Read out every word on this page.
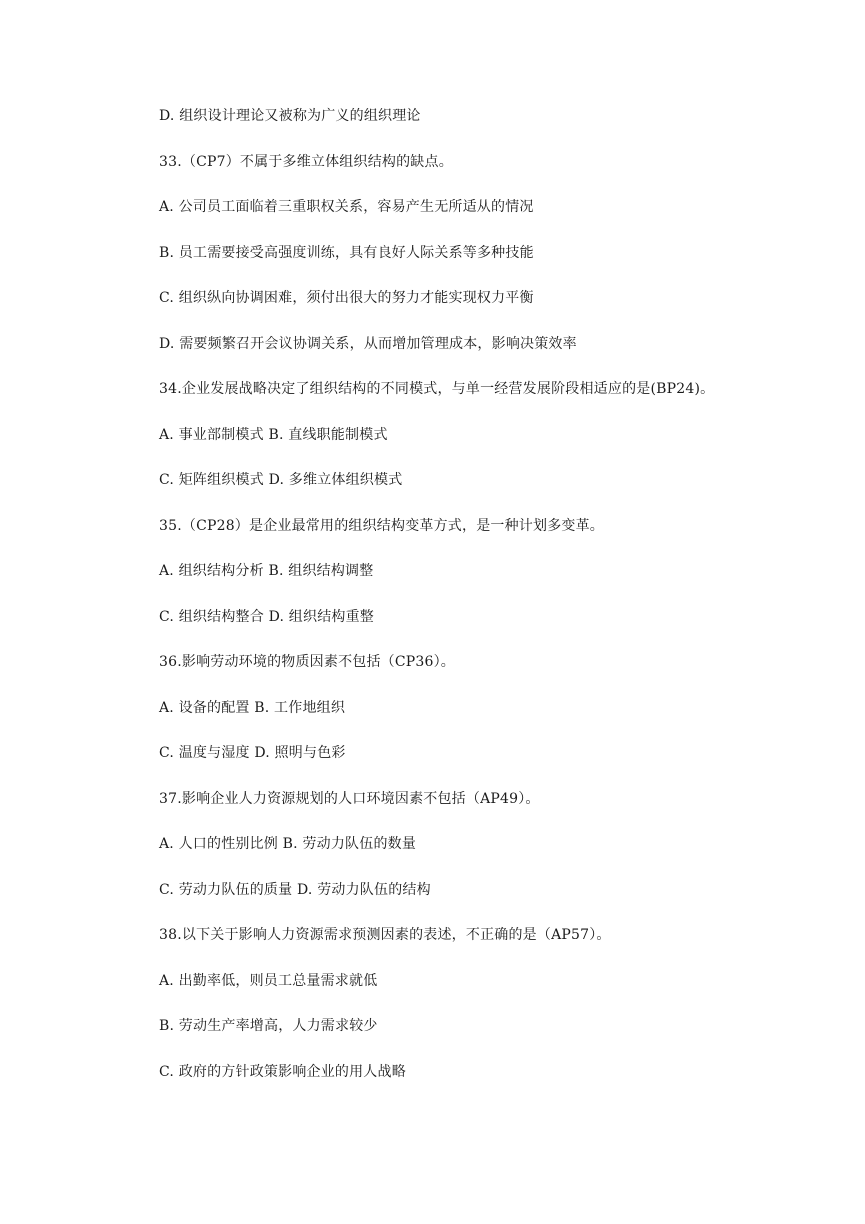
D. 组织设计理论又被称为广义的组织理论
33.（CP7）不属于多维立体组织结构的缺点。
A. 公司员工面临着三重职权关系，容易产生无所适从的情况
B. 员工需要接受高强度训练，具有良好人际关系等多种技能
C. 组织纵向协调困难，须付出很大的努力才能实现权力平衡
D. 需要频繁召开会议协调关系，从而增加管理成本，影响决策效率
34.企业发展战略决定了组织结构的不同模式，与单一经营发展阶段相适应的是(BP24)。
A. 事业部制模式 B. 直线职能制模式
C. 矩阵组织模式 D. 多维立体组织模式
35.（CP28）是企业最常用的组织结构变革方式，是一种计划多变革。
A. 组织结构分析 B. 组织结构调整
C. 组织结构整合 D. 组织结构重整
36.影响劳动环境的物质因素不包括（CP36）。
A. 设备的配置 B. 工作地组织
C. 温度与湿度 D. 照明与色彩
37.影响企业人力资源规划的人口环境因素不包括（AP49）。
A. 人口的性别比例 B. 劳动力队伍的数量
C. 劳动力队伍的质量 D. 劳动力队伍的结构
38.以下关于影响人力资源需求预测因素的表述，不正确的是（AP57）。
A. 出勤率低，则员工总量需求就低
B. 劳动生产率增高，人力需求较少
C. 政府的方针政策影响企业的用人战略
